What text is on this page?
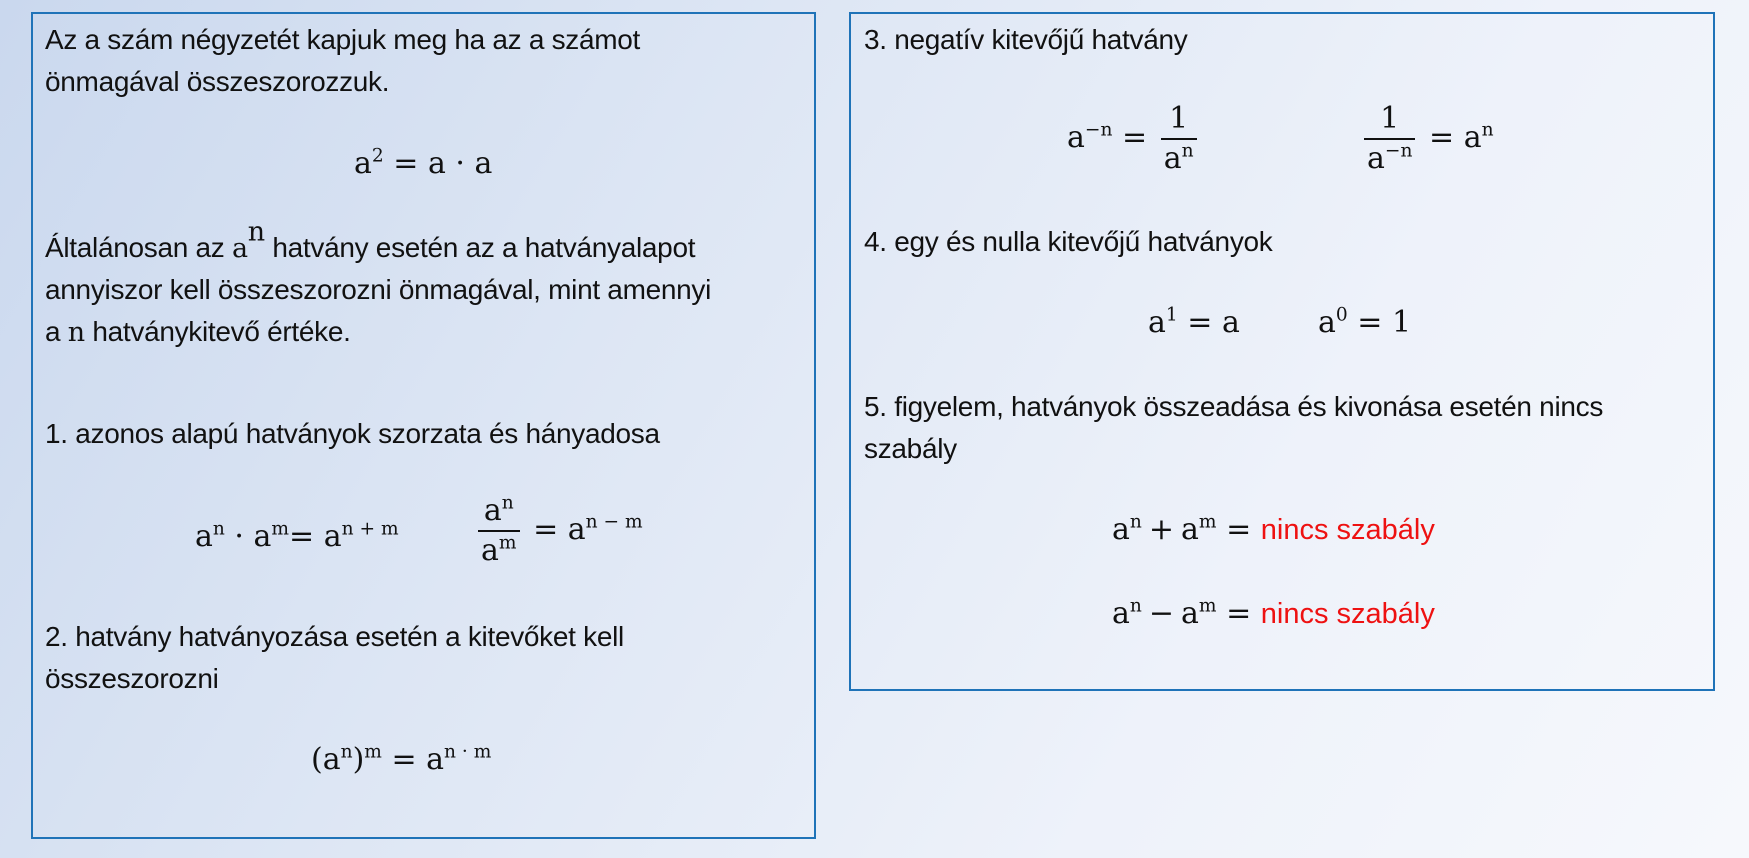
Az a szám négyzetét kapjuk meg ha az a számot
önmagával összeszorozzuk.
$a^2 = a \cdot a$
Általánosan az $a^n$ hatvány esetén az a hatványalapot
annyiszor kell összeszorozni önmagával, mint amennyi
a n hatványkitevő értéke.
1. azonos alapú hatványok szorzata és hányadosa
$a^n \cdot a^m= a^{n + m}$	$\frac{a^n}{a^m} = a^{n - m}$
2. hatvány hatványozása esetén a kitevőket kell
összeszorozni
$(a^n)^m = a^{n \cdot m}$
3. negatív kitevőjű hatvány
$a^{-n} = \frac{1}{a^n}$	$\frac{1}{a^{-n}} = a^n$
4. egy és nulla kitevőjű hatványok
$a^1 = a$	$a^0 = 1$
5. figyelem, hatványok összeadása és kivonása esetén nincs
szabály
$a^n + a^m$ = nincs szabály
$a^n - a^m$ = nincs szabály
